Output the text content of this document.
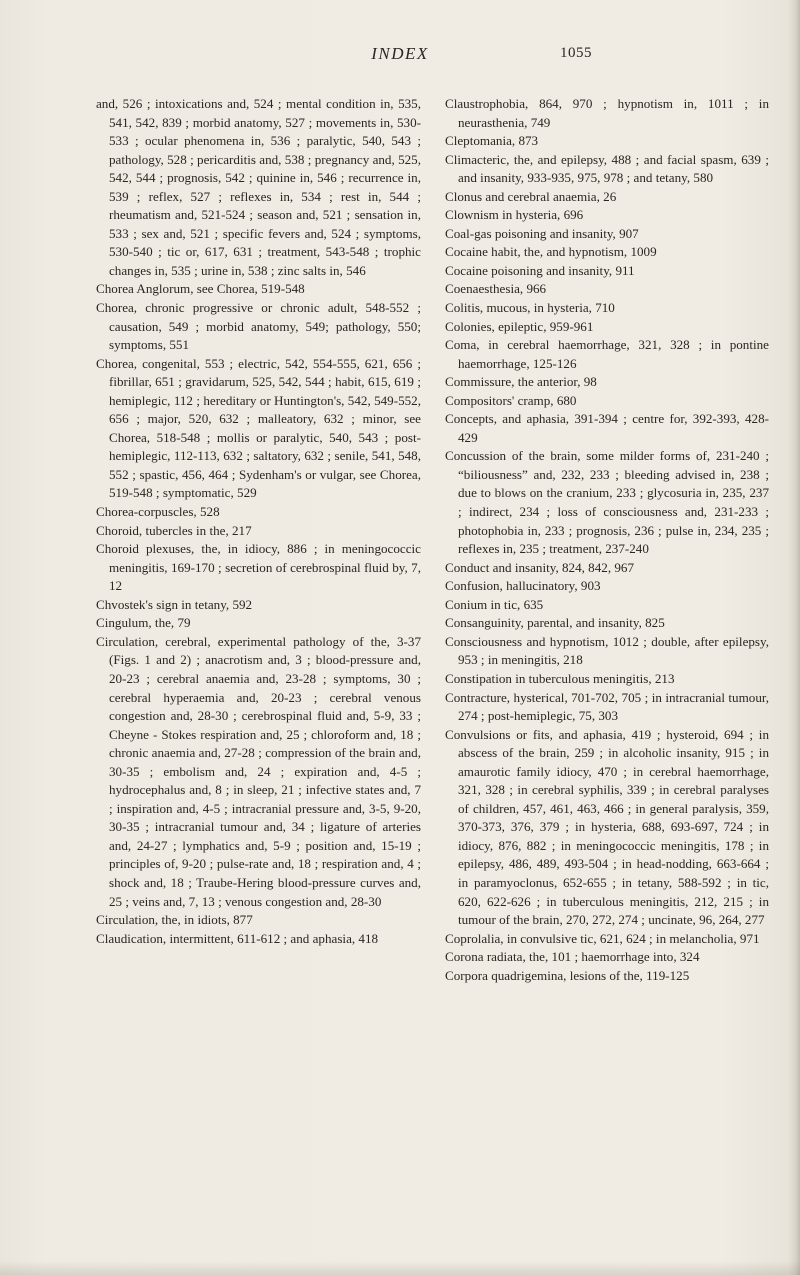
INDEX	1055

and, 526 ; intoxications and, 524 ; mental condition in, 535, 541, 542, 839 ; morbid anatomy, 527 ; movements in, 530-533 ; ocular phenomena in, 536 ; paralytic, 540, 543 ; pathology, 528 ; pericarditis and, 538 ; pregnancy and, 525, 542, 544 ; prognosis, 542 ; quinine in, 546 ; recurrence in, 539 ; reflex, 527 ; reflexes in, 534 ; rest in, 544 ; rheumatism and, 521-524 ; season and, 521 ; sensation in, 533 ; sex and, 521 ; specific fevers and, 524 ; symptoms, 530-540 ; tic or, 617, 631 ; treatment, 543-548 ; trophic changes in, 535 ; urine in, 538 ; zinc salts in, 546

Chorea Anglorum, see Chorea, 519-548

Chorea, chronic progressive or chronic adult, 548-552 ; causation, 549 ; morbid anatomy, 549; pathology, 550; symptoms, 551

Chorea, congenital, 553 ; electric, 542, 554-555, 621, 656 ; fibrillar, 651 ; gravidarum, 525, 542, 544 ; habit, 615, 619 ; hemiplegic, 112 ; hereditary or Huntington's, 542, 549-552, 656 ; major, 520, 632 ; malleatory, 632 ; minor, see Chorea, 518-548 ; mollis or paralytic, 540, 543 ; post-hemiplegic, 112-113, 632 ; saltatory, 632 ; senile, 541, 548, 552 ; spastic, 456, 464 ; Sydenham's or vulgar, see Chorea, 519-548 ; symptomatic, 529

Chorea-corpuscles, 528

Choroid, tubercles in the, 217

Choroid plexuses, the, in idiocy, 886 ; in meningococcic meningitis, 169-170 ; secretion of cerebrospinal fluid by, 7, 12

Chvostek's sign in tetany, 592

Cingulum, the, 79

Circulation, cerebral, experimental pathology of the, 3-37 (Figs. 1 and 2) ; anacrotism and, 3 ; blood-pressure and, 20-23 ; cerebral anaemia and, 23-28 ; symptoms, 30 ; cerebral hyperaemia and, 20-23 ; cerebral venous congestion and, 28-30 ; cerebrospinal fluid and, 5-9, 33 ; Cheyne - Stokes respiration and, 25 ; chloroform and, 18 ; chronic anaemia and, 27-28 ; compression of the brain and, 30-35 ; embolism and, 24 ; expiration and, 4-5 ; hydrocephalus and, 8 ; in sleep, 21 ; infective states and, 7 ; inspiration and, 4-5 ; intracranial pressure and, 3-5, 9-20, 30-35 ; intracranial tumour and, 34 ; ligature of arteries and, 24-27 ; lymphatics and, 5-9 ; position and, 15-19 ; principles of, 9-20 ; pulse-rate and, 18 ; respiration and, 4 ; shock and, 18 ; Traube-Hering blood-pressure curves and, 25 ; veins and, 7, 13 ; venous congestion and, 28-30

Circulation, the, in idiots, 877

Claudication, intermittent, 611-612 ; and aphasia, 418

Claustrophobia, 864, 970 ; hypnotism in, 1011 ; in neurasthenia, 749

Cleptomania, 873

Climacteric, the, and epilepsy, 488 ; and facial spasm, 639 ; and insanity, 933-935, 975, 978 ; and tetany, 580

Clonus and cerebral anaemia, 26

Clownism in hysteria, 696

Coal-gas poisoning and insanity, 907

Cocaine habit, the, and hypnotism, 1009

Cocaine poisoning and insanity, 911

Coenaesthesia, 966

Colitis, mucous, in hysteria, 710

Colonies, epileptic, 959-961

Coma, in cerebral haemorrhage, 321, 328 ; in pontine haemorrhage, 125-126

Commissure, the anterior, 98

Compositors' cramp, 680

Concepts, and aphasia, 391-394 ; centre for, 392-393, 428-429

Concussion of the brain, some milder forms of, 231-240 ; “biliousness” and, 232, 233 ; bleeding advised in, 238 ; due to blows on the cranium, 233 ; glycosuria in, 235, 237 ; indirect, 234 ; loss of consciousness and, 231-233 ; photophobia in, 233 ; prognosis, 236 ; pulse in, 234, 235 ; reflexes in, 235 ; treatment, 237-240

Conduct and insanity, 824, 842, 967

Confusion, hallucinatory, 903

Conium in tic, 635

Consanguinity, parental, and insanity, 825

Consciousness and hypnotism, 1012 ; double, after epilepsy, 953 ; in meningitis, 218

Constipation in tuberculous meningitis, 213

Contracture, hysterical, 701-702, 705 ; in intracranial tumour, 274 ; post-hemiplegic, 75, 303

Convulsions or fits, and aphasia, 419 ; hysteroid, 694 ; in abscess of the brain, 259 ; in alcoholic insanity, 915 ; in amaurotic family idiocy, 470 ; in cerebral haemorrhage, 321, 328 ; in cerebral syphilis, 339 ; in cerebral paralyses of children, 457, 461, 463, 466 ; in general paralysis, 359, 370-373, 376, 379 ; in hysteria, 688, 693-697, 724 ; in idiocy, 876, 882 ; in meningococcic meningitis, 178 ; in epilepsy, 486, 489, 493-504 ; in head-nodding, 663-664 ; in paramyoclonus, 652-655 ; in tetany, 588-592 ; in tic, 620, 622-626 ; in tuberculous meningitis, 212, 215 ; in tumour of the brain, 270, 272, 274 ; uncinate, 96, 264, 277

Coprolalia, in convulsive tic, 621, 624 ; in melancholia, 971

Corona radiata, the, 101 ; haemorrhage into, 324

Corpora quadrigemina, lesions of the, 119-125
